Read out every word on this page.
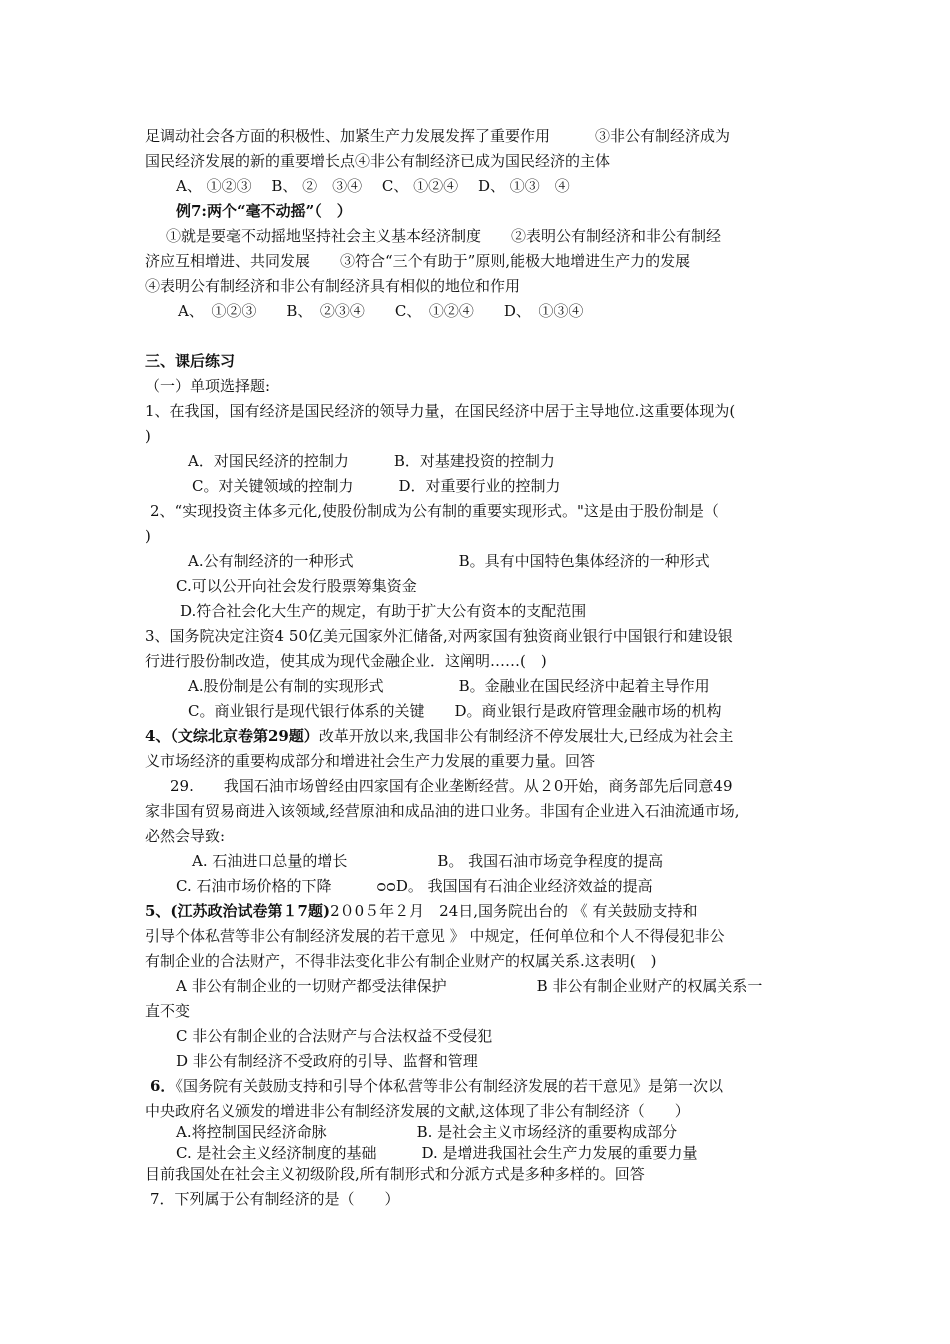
足调动社会各方面的积极性、加紧生产力发展发挥了重要作用　　　③非公有制经济成为
国民经济发展的新的重要增长点④非公有制经济已成为国民经济的主体
A、 ①②③　 B、 ②　③④　 C、 ①②④　 D、 ①③　④
例7:两个“毫不动摇”（　）
①就是要毫不动摇地坚持社会主义基本经济制度　　②表明公有制经济和非公有制经
济应互相增进、共同发展　　③符合“三个有助于”原则,能极大地增进生产力的发展
④表明公有制经济和非公有制经济具有相似的地位和作用
A、　①②③　　B、　②③④　　C、　①②④　　D、　①③④
三、课后练习
（一）单项选择题:
1、在我国，国有经济是国民经济的领导力量，在国民经济中居于主导地位.这重要体现为(
)
A．对国民经济的控制力　　　B．对基建投资的控制力
C。对关键领域的控制力　　　D．对重要行业的控制力
2、“实现投资主体多元化,使股份制成为公有制的重要实现形式。"这是由于股份制是（
)
A.公有制经济的一种形式　　　　　　　B。具有中国特色集体经济的一种形式
C.可以公开向社会发行股票筹集资金
D.符合社会化大生产的规定，有助于扩大公有资本的支配范围
3、国务院决定注资4 50亿美元国家外汇储备,对两家国有独资商业银行中国银行和建设银
行进行股份制改造，使其成为现代金融企业．这阐明……(　)
A.股份制是公有制的实现形式　　　　　B。金融业在国民经济中起着主导作用
C。商业银行是现代银行体系的关键　　D。商业银行是政府管理金融市场的机构
4、（文综北京卷第29题）改革开放以来,我国非公有制经济不停发展壮大,已经成为社会主
义市场经济的重要构成部分和增进社会生产力发展的重要力量。回答
29.　　我国石油市场曾经由四家国有企业垄断经营。从２0开始，商务部先后同意49
家非国有贸易商进入该领域,经营原油和成品油的进口业务。非国有企业进入石油流通市场,
必然会导致:
A. 石油进口总量的增长　　　　　　B。 我国石油市场竞争程度的提高
C. 石油市场价格的下降　　　ᴑᴑD。 我国国有石油企业经济效益的提高
5、(江苏政治试卷第１7题)2０0５年２月　24日,国务院出台的 《 有关鼓励支持和
引导个体私营等非公有制经济发展的若干意见 》 中规定，任何单位和个人不得侵犯非公
有制企业的合法财产，不得非法变化非公有制企业财产的权属关系.这表明(　)
A 非公有制企业的一切财产都受法律保护　　　　　　B 非公有制企业财产的权属关系一
直不变
C 非公有制企业的合法财产与合法权益不受侵犯
D 非公有制经济不受政府的引导、监督和管理
6．《国务院有关鼓励支持和引导个体私营等非公有制经济发展的若干意见》是第一次以
中央政府名义颁发的增进非公有制经济发展的文献,这体现了非公有制经济（　　）
A.将控制国民经济命脉　　　　　　B. 是社会主义市场经济的重要构成部分
C. 是社会主义经济制度的基础　　　D. 是增进我国社会生产力发展的重要力量
目前我国处在社会主义初级阶段,所有制形式和分派方式是多种多样的。回答
7．下列属于公有制经济的是（　　）
